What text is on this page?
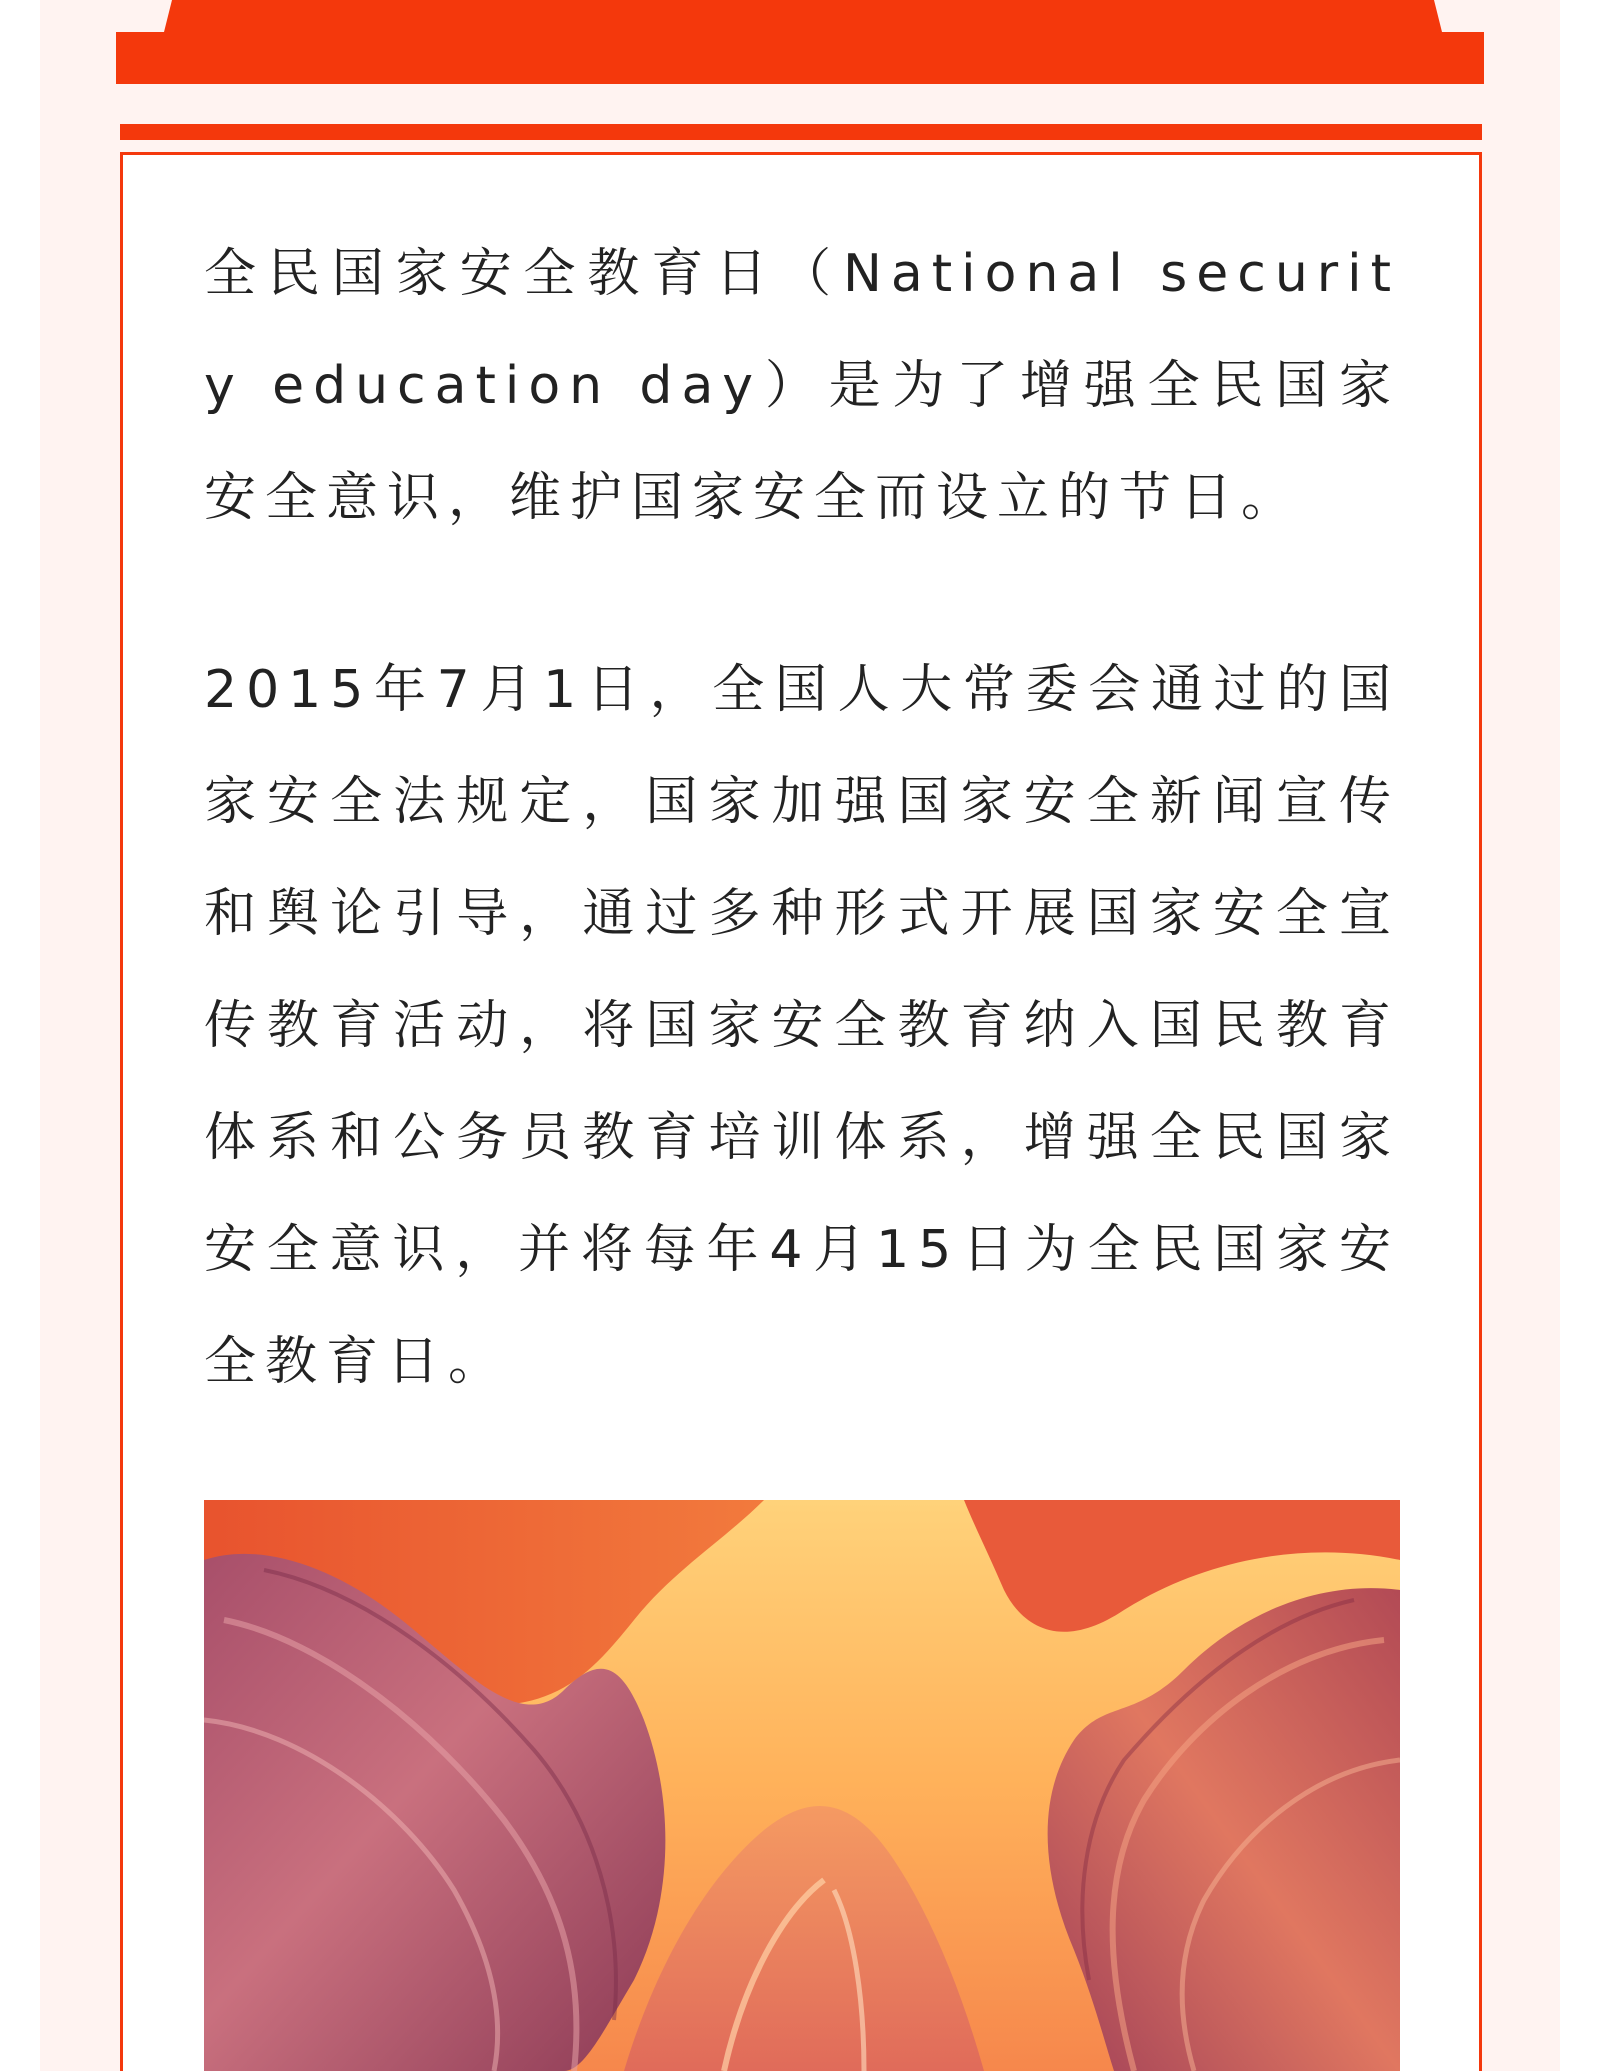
全民国家安全教育日（National security education day）是为了增强全民国家安全意识，维护国家安全而设立的节日。

2015年7月1日，全国人大常委会通过的国家安全法规定，国家加强国家安全新闻宣传和舆论引导，通过多种形式开展国家安全宣传教育活动，将国家安全教育纳入国民教育体系和公务员教育培训体系，增强全民国家安全意识，并将每年4月15日为全民国家安全教育日。
